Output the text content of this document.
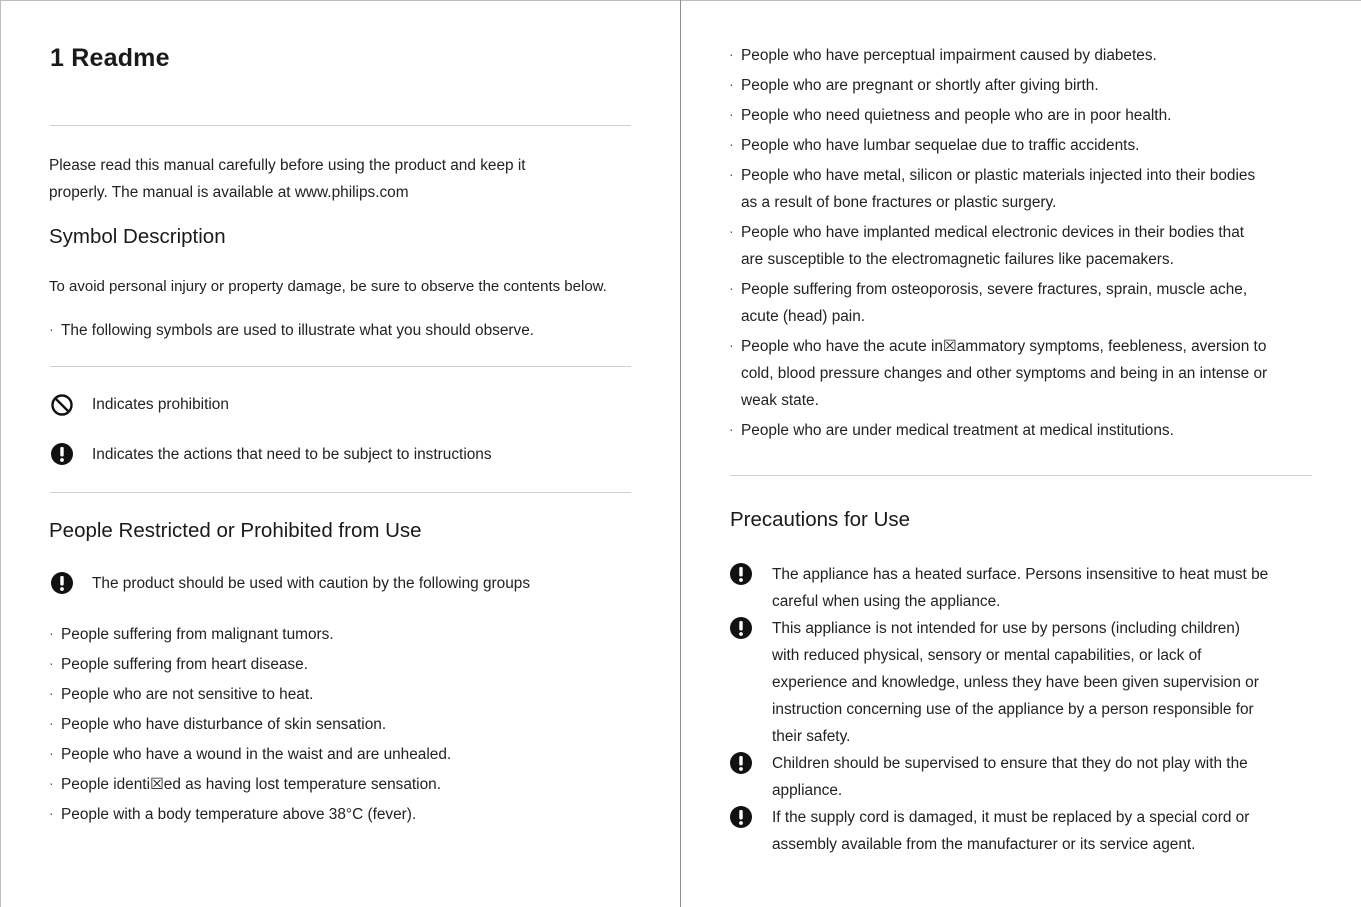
1 Readme
Please read this manual carefully before using the product and keep it
properly. The manual is available at www.philips.com
Symbol Description
To avoid personal injury or property damage, be sure to observe the contents below.
· The following symbols are used to illustrate what you should observe.
Indicates prohibition
Indicates the actions that need to be subject to instructions
People Restricted or Prohibited from Use
The product should be used with caution by the following groups
· People suffering from malignant tumors.
· People suffering from heart disease.
· People who are not sensitive to heat.
· People who have disturbance of skin sensation.
· People who have a wound in the waist and are unhealed.
· People identi☒ed as having lost temperature sensation.
· People with a body temperature above 38°C (fever).
Precautions for Use
· People who have perceptual impairment caused by diabetes.
· People who are pregnant or shortly after giving birth.
· People who need quietness and people who are in poor health.
· People who have lumbar sequelae due to traffic accidents.
· People who have metal, silicon or plastic materials injected into their bodies
as a result of bone fractures or plastic surgery.
· People who have implanted medical electronic devices in their bodies that
are susceptible to the electromagnetic failures like pacemakers.
· People suffering from osteoporosis, severe fractures, sprain, muscle ache,
acute (head) pain.
· People who have the acute in☒ammatory symptoms, feebleness, aversion to
cold, blood pressure changes and other symptoms and being in an intense or
weak state.
· People who are under medical treatment at medical institutions.
The appliance has a heated surface. Persons insensitive to heat must be
careful when using the appliance.
This appliance is not intended for use by persons (including children)
with reduced physical, sensory or mental capabilities, or lack of
experience and knowledge, unless they have been given supervision or
instruction concerning use of the appliance by a person responsible for
their safety.
Children should be supervised to ensure that they do not play with the
appliance.
If the supply cord is damaged, it must be replaced by a special cord or
assembly available from the manufacturer or its service agent.
